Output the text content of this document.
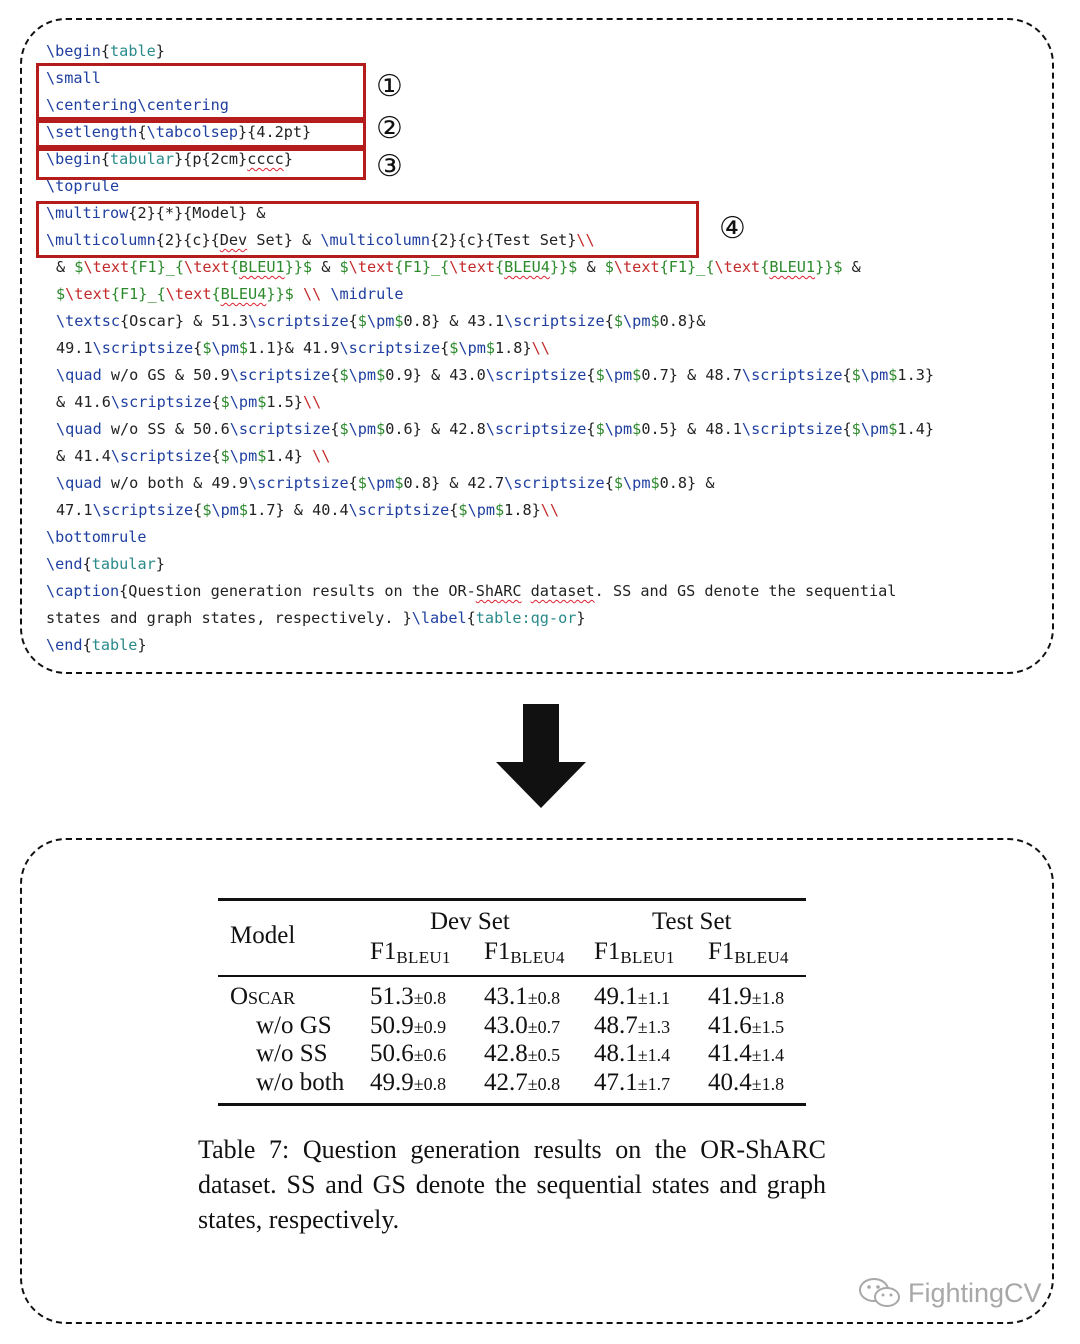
\begin{table}
\small
\centering\centering
\setlength{\tabcolsep}{4.2pt}
\begin{tabular}{p{2cm}cccc}
\toprule
\multirow{2}{*}{Model} &
\multicolumn{2}{c}{Dev Set} & \multicolumn{2}{c}{Test Set}\\
& $\text{F1}_{\text{BLEU1}}$ & $\text{F1}_{\text{BLEU4}}$ & $\text{F1}_{\text{BLEU1}}$ &
$\text{F1}_{\text{BLEU4}}$ \\ \midrule
\textsc{Oscar} & 51.3\scriptsize{$\pm$0.8} & 43.1\scriptsize{$\pm$0.8}&
49.1\scriptsize{$\pm$1.1}& 41.9\scriptsize{$\pm$1.8}\\
\quad w/o GS & 50.9\scriptsize{$\pm$0.9} & 43.0\scriptsize{$\pm$0.7} & 48.7\scriptsize{$\pm$1.3}
& 41.6\scriptsize{$\pm$1.5}\\
\quad w/o SS & 50.6\scriptsize{$\pm$0.6} & 42.8\scriptsize{$\pm$0.5} & 48.1\scriptsize{$\pm$1.4}
& 41.4\scriptsize{$\pm$1.4} \\
\quad w/o both & 49.9\scriptsize{$\pm$0.8} & 42.7\scriptsize{$\pm$0.8} &
47.1\scriptsize{$\pm$1.7} & 40.4\scriptsize{$\pm$1.8}\\
\bottomrule
\end{tabular}
\caption{Question generation results on the OR-ShARC dataset. SS and GS denote the sequential
states and graph states, respectively. }\label{table:qg-or}
\end{table}
①
②
③
④
Model
Dev Set	Test Set
F1BLEU1 F1BLEU4 F1BLEU1 F1BLEU4
Oscar	51.3±0.8 43.1±0.8 49.1±1.1 41.9±1.8
w/o GS 50.9±0.9 43.0±0.7 48.7±1.3 41.6±1.5
w/o SS 50.6±0.6 42.8±0.5 48.1±1.4 41.4±1.4
w/o both 49.9±0.8 42.7±0.8 47.1±1.7 40.4±1.8
Table 7: Question generation results on the OR-ShARC dataset. SS and GS denote the sequential states and graph states, respectively.
FightingCV
